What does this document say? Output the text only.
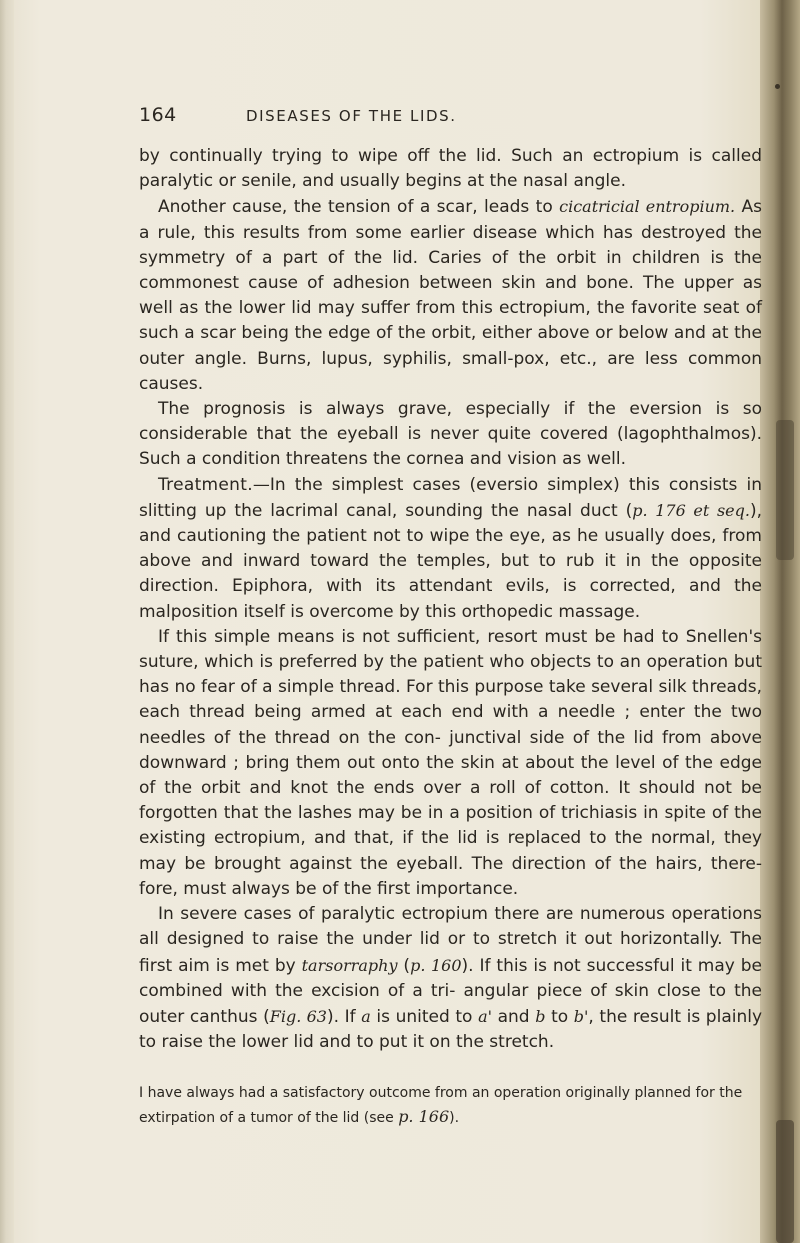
164	DISEASES OF THE LIDS.

by continually trying to wipe off the lid. Such an ectropium is called paralytic or senile, and usually begins at the nasal angle.

Another cause, the tension of a scar, leads to cicatricial entropium. As a rule, this results from some earlier disease which has destroyed the symmetry of a part of the lid. Caries of the orbit in children is the commonest cause of adhesion between skin and bone. The upper as well as the lower lid may suffer from this ectropium, the favorite seat of such a scar being the edge of the orbit, either above or below and at the outer angle. Burns, lupus, syphilis, small-pox, etc., are less common causes.

The prognosis is always grave, especially if the eversion is so considerable that the eyeball is never quite covered (lagophthalmos). Such a condition threatens the cornea and vision as well.

Treatment.—In the simplest cases (eversio simplex) this consists in slitting up the lacrimal canal, sounding the nasal duct (p. 176 et seq.), and cautioning the patient not to wipe the eye, as he usually does, from above and inward toward the temples, but to rub it in the opposite direction. Epiphora, with its attendant evils, is corrected, and the malposition itself is overcome by this orthopedic massage.

If this simple means is not sufficient, resort must be had to Snellen's suture, which is preferred by the patient who objects to an operation but has no fear of a simple thread. For this purpose take several silk threads, each thread being armed at each end with a needle ; enter the two needles of the thread on the con- junctival side of the lid from above downward ; bring them out onto the skin at about the level of the edge of the orbit and knot the ends over a roll of cotton. It should not be forgotten that the lashes may be in a position of trichiasis in spite of the existing ectropium, and that, if the lid is replaced to the normal, they may be brought against the eyeball. The direction of the hairs, there- fore, must always be of the first importance.

In severe cases of paralytic ectropium there are numerous operations all designed to raise the under lid or to stretch it out horizontally. The first aim is met by tarsorraphy (p. 160). If this is not successful it may be combined with the excision of a tri- angular piece of skin close to the outer canthus (Fig. 63). If a is united to a' and b to b', the result is plainly to raise the lower lid and to put it on the stretch.

I have always had a satisfactory outcome from an operation originally planned for the extirpation of a tumor of the lid (see p. 166).
